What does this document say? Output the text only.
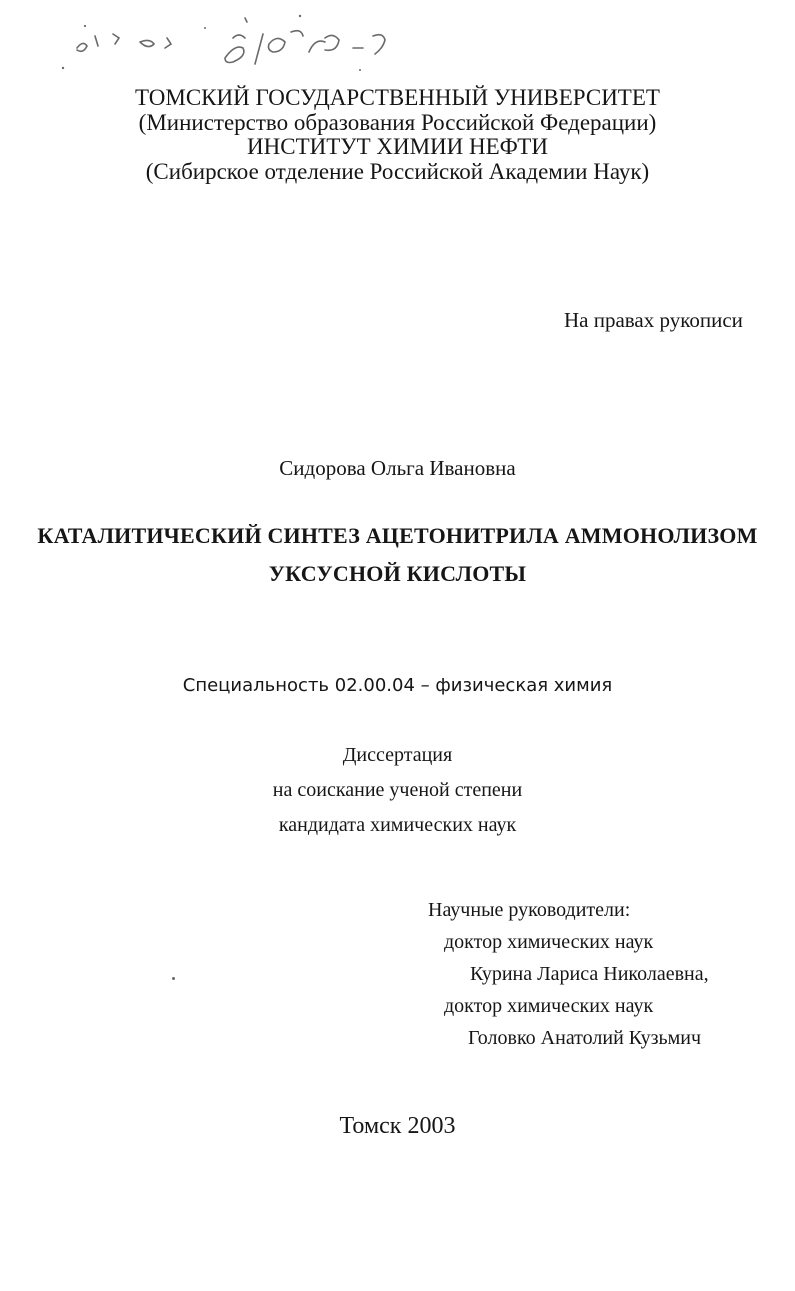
ТОМСКИЙ ГОСУДАРСТВЕННЫЙ УНИВЕРСИТЕТ
(Министерство образования Российской Федерации)
ИНСТИТУТ ХИМИИ НЕФТИ
(Сибирское отделение Российской Академии Наук)
На правах рукописи
Сидорова Ольга Ивановна
КАТАЛИТИЧЕСКИЙ СИНТЕЗ АЦЕТОНИТРИЛА АММОНОЛИЗОМ
УКСУСНОЙ КИСЛОТЫ
Специальность 02.00.04 – физическая химия
Диссертация
на соискание ученой степени
кандидата химических наук
Научные руководители:
доктор химических наук
Курина Лариса Николаевна,
доктор химических наук
Головко Анатолий Кузьмич
Томск 2003
